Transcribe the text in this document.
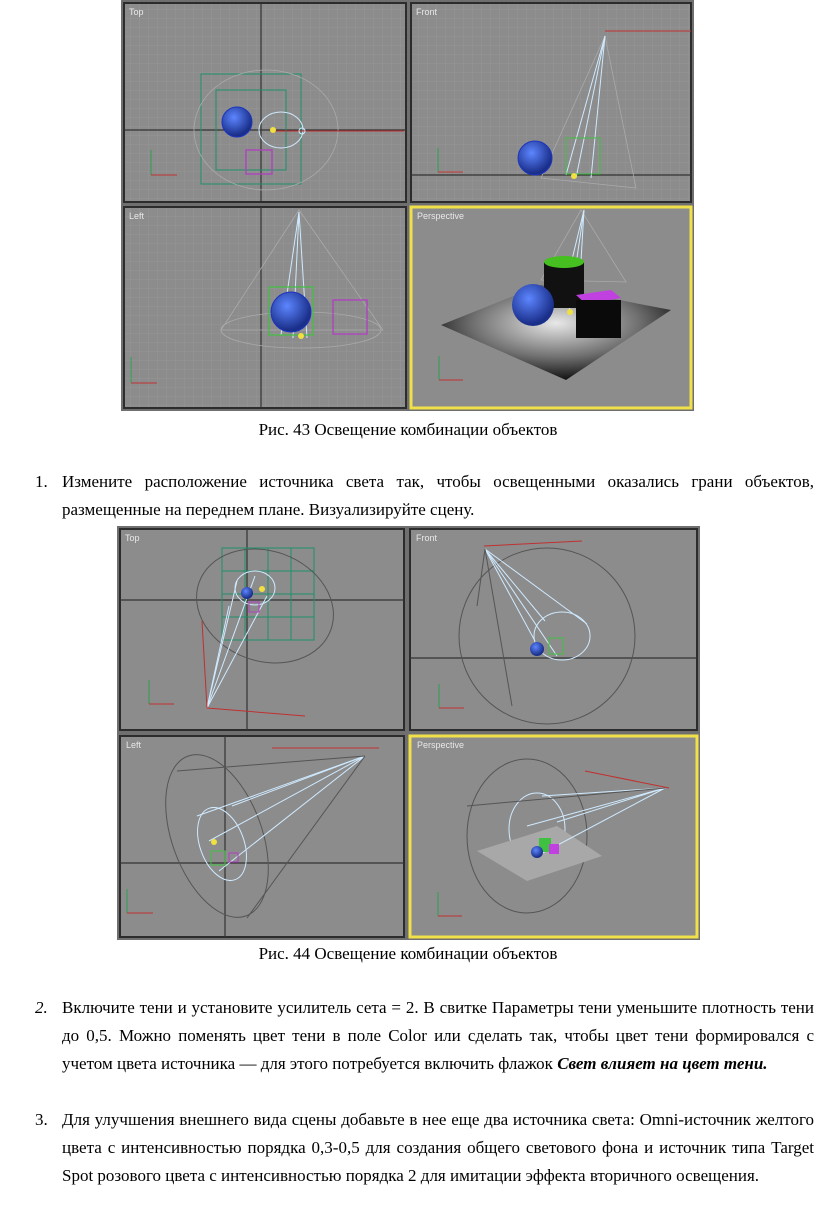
Top	Front
Left	Perspective
Рис. 43 Освещение комбинации объектов
1. Измените расположение источника света так, чтобы освещенными оказались грани объектов, размещенные на переднем плане. Визуализируйте сцену.
Top	Front
Left	Perspective
Рис. 44 Освещение комбинации объектов
2. Включите тени и установите усилитель сета = 2. В свитке Параметры тени уменьшите плотность тени до 0,5. Можно поменять цвет тени в поле Color или сделать так, чтобы цвет тени формировался с учетом цвета источника — для этого потребуется включить флажок Свет влияет на цвет тени.
3. Для улучшения внешнего вида сцены добавьте в нее еще два источника света: Omni-источник желтого цвета с интенсивностью порядка 0,3-0,5 для создания общего светового фона и источник типа Target Spot розового цвета с интенсивностью порядка 2 для имитации эффекта вторичного освещения.
